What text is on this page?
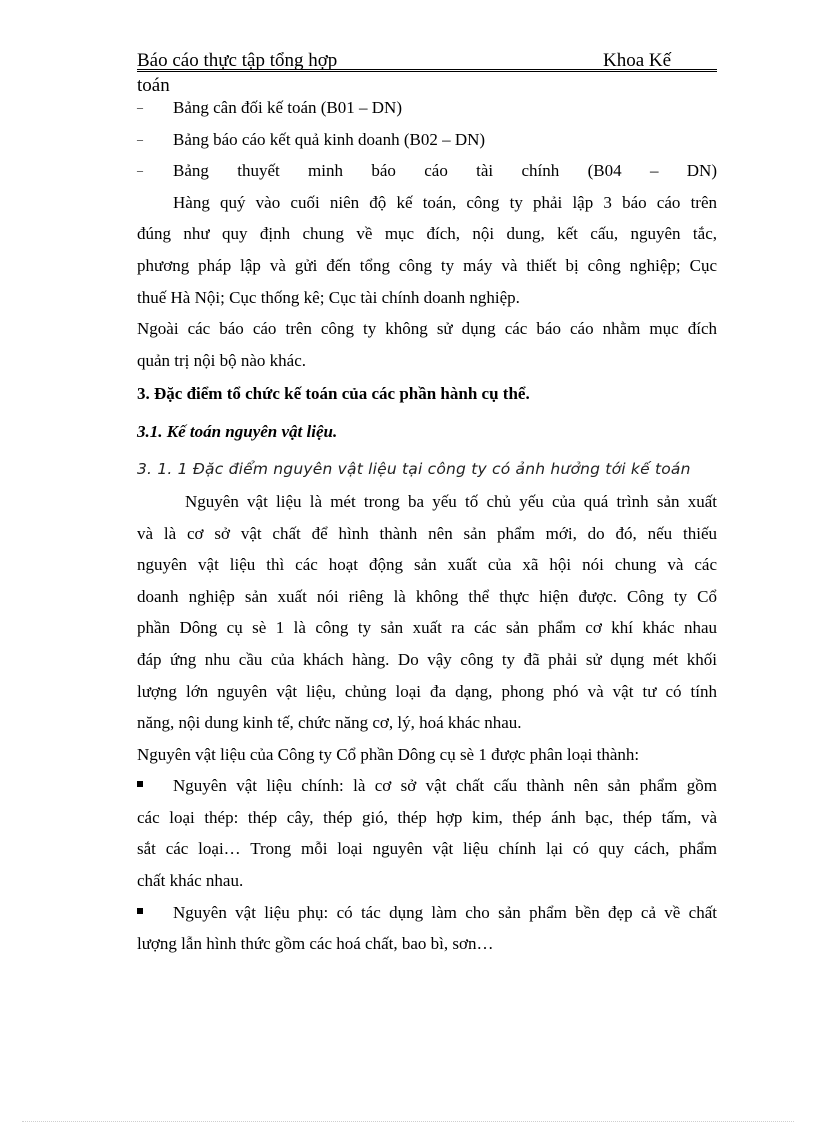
Báo cáo thực tập tổng hợp	Khoa Kế
toán
– Bảng cân đối kế toán (B01 – DN)
– Bảng báo cáo kết quả kinh doanh (B02 – DN)
– Bảng thuyết minh báo cáo tài chính (B04 – DN)
Hàng quý vào cuối niên độ kế toán, công ty phải lập 3 báo cáo trên
đúng như quy định chung về mục đích, nội dung, kết cấu, nguyên tắc,
phương pháp lập và gửi đến tổng công ty máy và thiết bị công nghiệp; Cục
thuế Hà Nội; Cục thống kê; Cục tài chính doanh nghiệp.
Ngoài các báo cáo trên công ty không sử dụng các báo cáo nhằm mục đích
quản trị nội bộ nào khác.
3. Đặc điểm tổ chức kế toán của các phần hành cụ thể.
3.1. Kế toán nguyên vật liệu.
3. 1. 1 Đặc điểm nguyên vật liệu tại công ty có ảnh hưởng tới kế toán
Nguyên vật liệu là mét trong ba yếu tố chủ yếu của quá trình sản xuất
và là cơ sở vật chất để hình thành nên sản phẩm mới, do đó, nếu thiếu
nguyên vật liệu thì các hoạt động sản xuất của xã hội nói chung và các
doanh nghiệp sản xuất nói riêng là không thể thực hiện được. Công ty Cổ
phần Dông cụ sè 1 là công ty sản xuất ra các sản phẩm cơ khí khác nhau
đáp ứng nhu cầu của khách hàng. Do vậy công ty đã phải sử dụng mét khối
lượng lớn nguyên vật liệu, chủng loại đa dạng, phong phó và vật tư có tính
năng, nội dung kinh tế, chức năng cơ, lý, hoá khác nhau.
Nguyên vật liệu của Công ty Cổ phần Dông cụ sè 1 được phân loại thành:
Nguyên vật liệu chính: là cơ sở vật chất cấu thành nên sản phẩm gồm
các loại thép: thép cây, thép gió, thép hợp kim, thép ánh bạc, thép tấm, và
sắt các loại… Trong mỗi loại nguyên vật liệu chính lại có quy cách, phẩm
chất khác nhau.
Nguyên vật liệu phụ: có tác dụng làm cho sản phẩm bền đẹp cả về chất
lượng lẫn hình thức gồm các hoá chất, bao bì, sơn…
